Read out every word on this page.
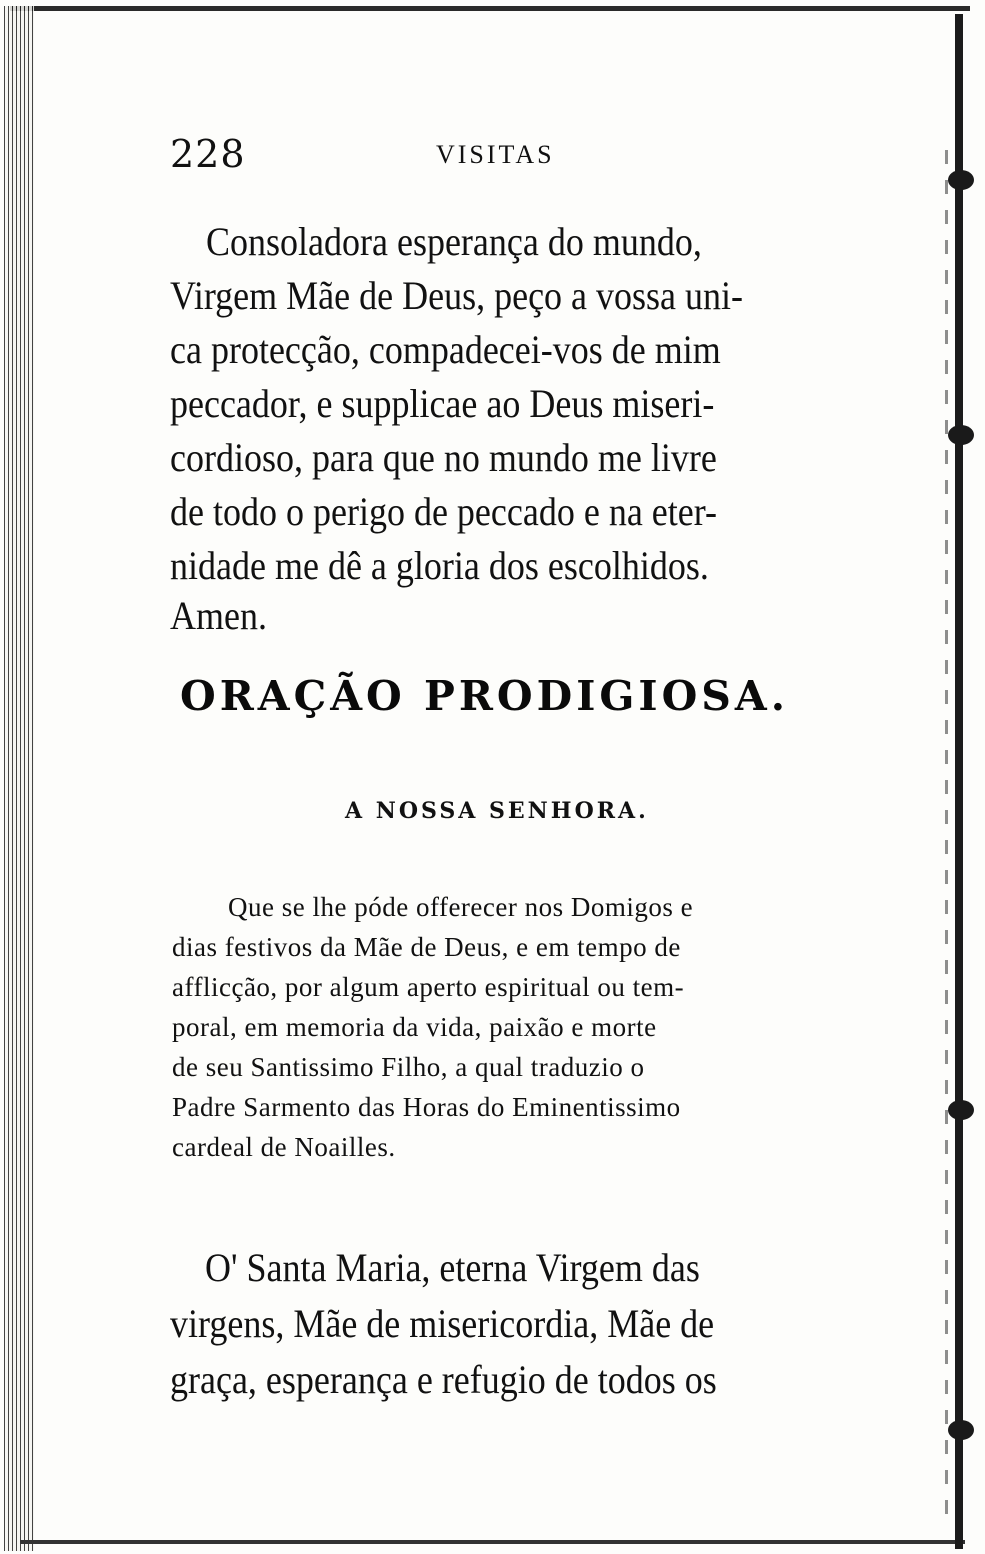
228	VISITAS
Consoladora esperança do mundo,
Virgem Mãe de Deus, peço a vossa uni-
ca protecção, compadecei-vos de mim
peccador, e supplicae ao Deus miseri-
cordioso, para que no mundo me livre
de todo o perigo de peccado e na eter-
nidade me dê a gloria dos escolhidos.
Amen.
ORAÇÃO PRODIGIOSA.
A NOSSA SENHORA.
Que se lhe póde offerecer nos Domigos e
dias festivos da Mãe de Deus, e em tempo de
afflicção, por algum aperto espiritual ou tem-
poral, em memoria da vida, paixão e morte
de seu Santissimo Filho, a qual traduzio o
Padre Sarmento das Horas do Eminentissimo
cardeal de Noailles.
O' Santa Maria, eterna Virgem das
virgens, Mãe de misericordia, Mãe de
graça, esperança e refugio de todos os
